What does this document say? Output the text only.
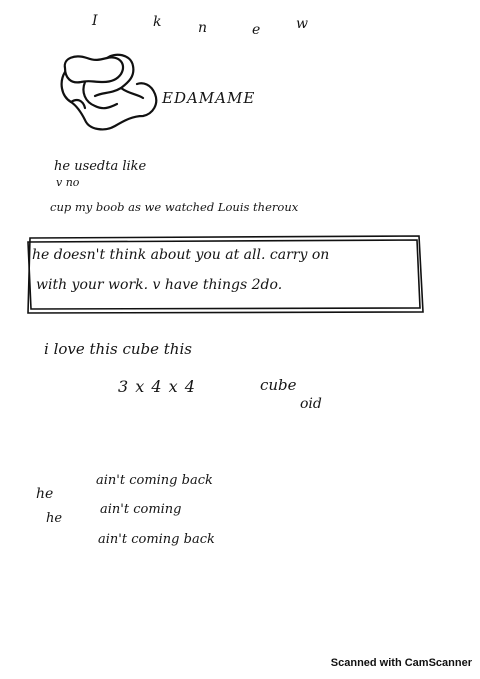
I	k	n	e	w
EDAMAME
he usedta like
v no
cup my boob as we watched Louis theroux
he doesn't think about you at all. carry on
with your work. v have things 2do.
i love this cube this
3 x 4 x 4	cube
oid
he
ain't coming back
he
ain't coming
ain't coming back
Scanned with CamScanner
